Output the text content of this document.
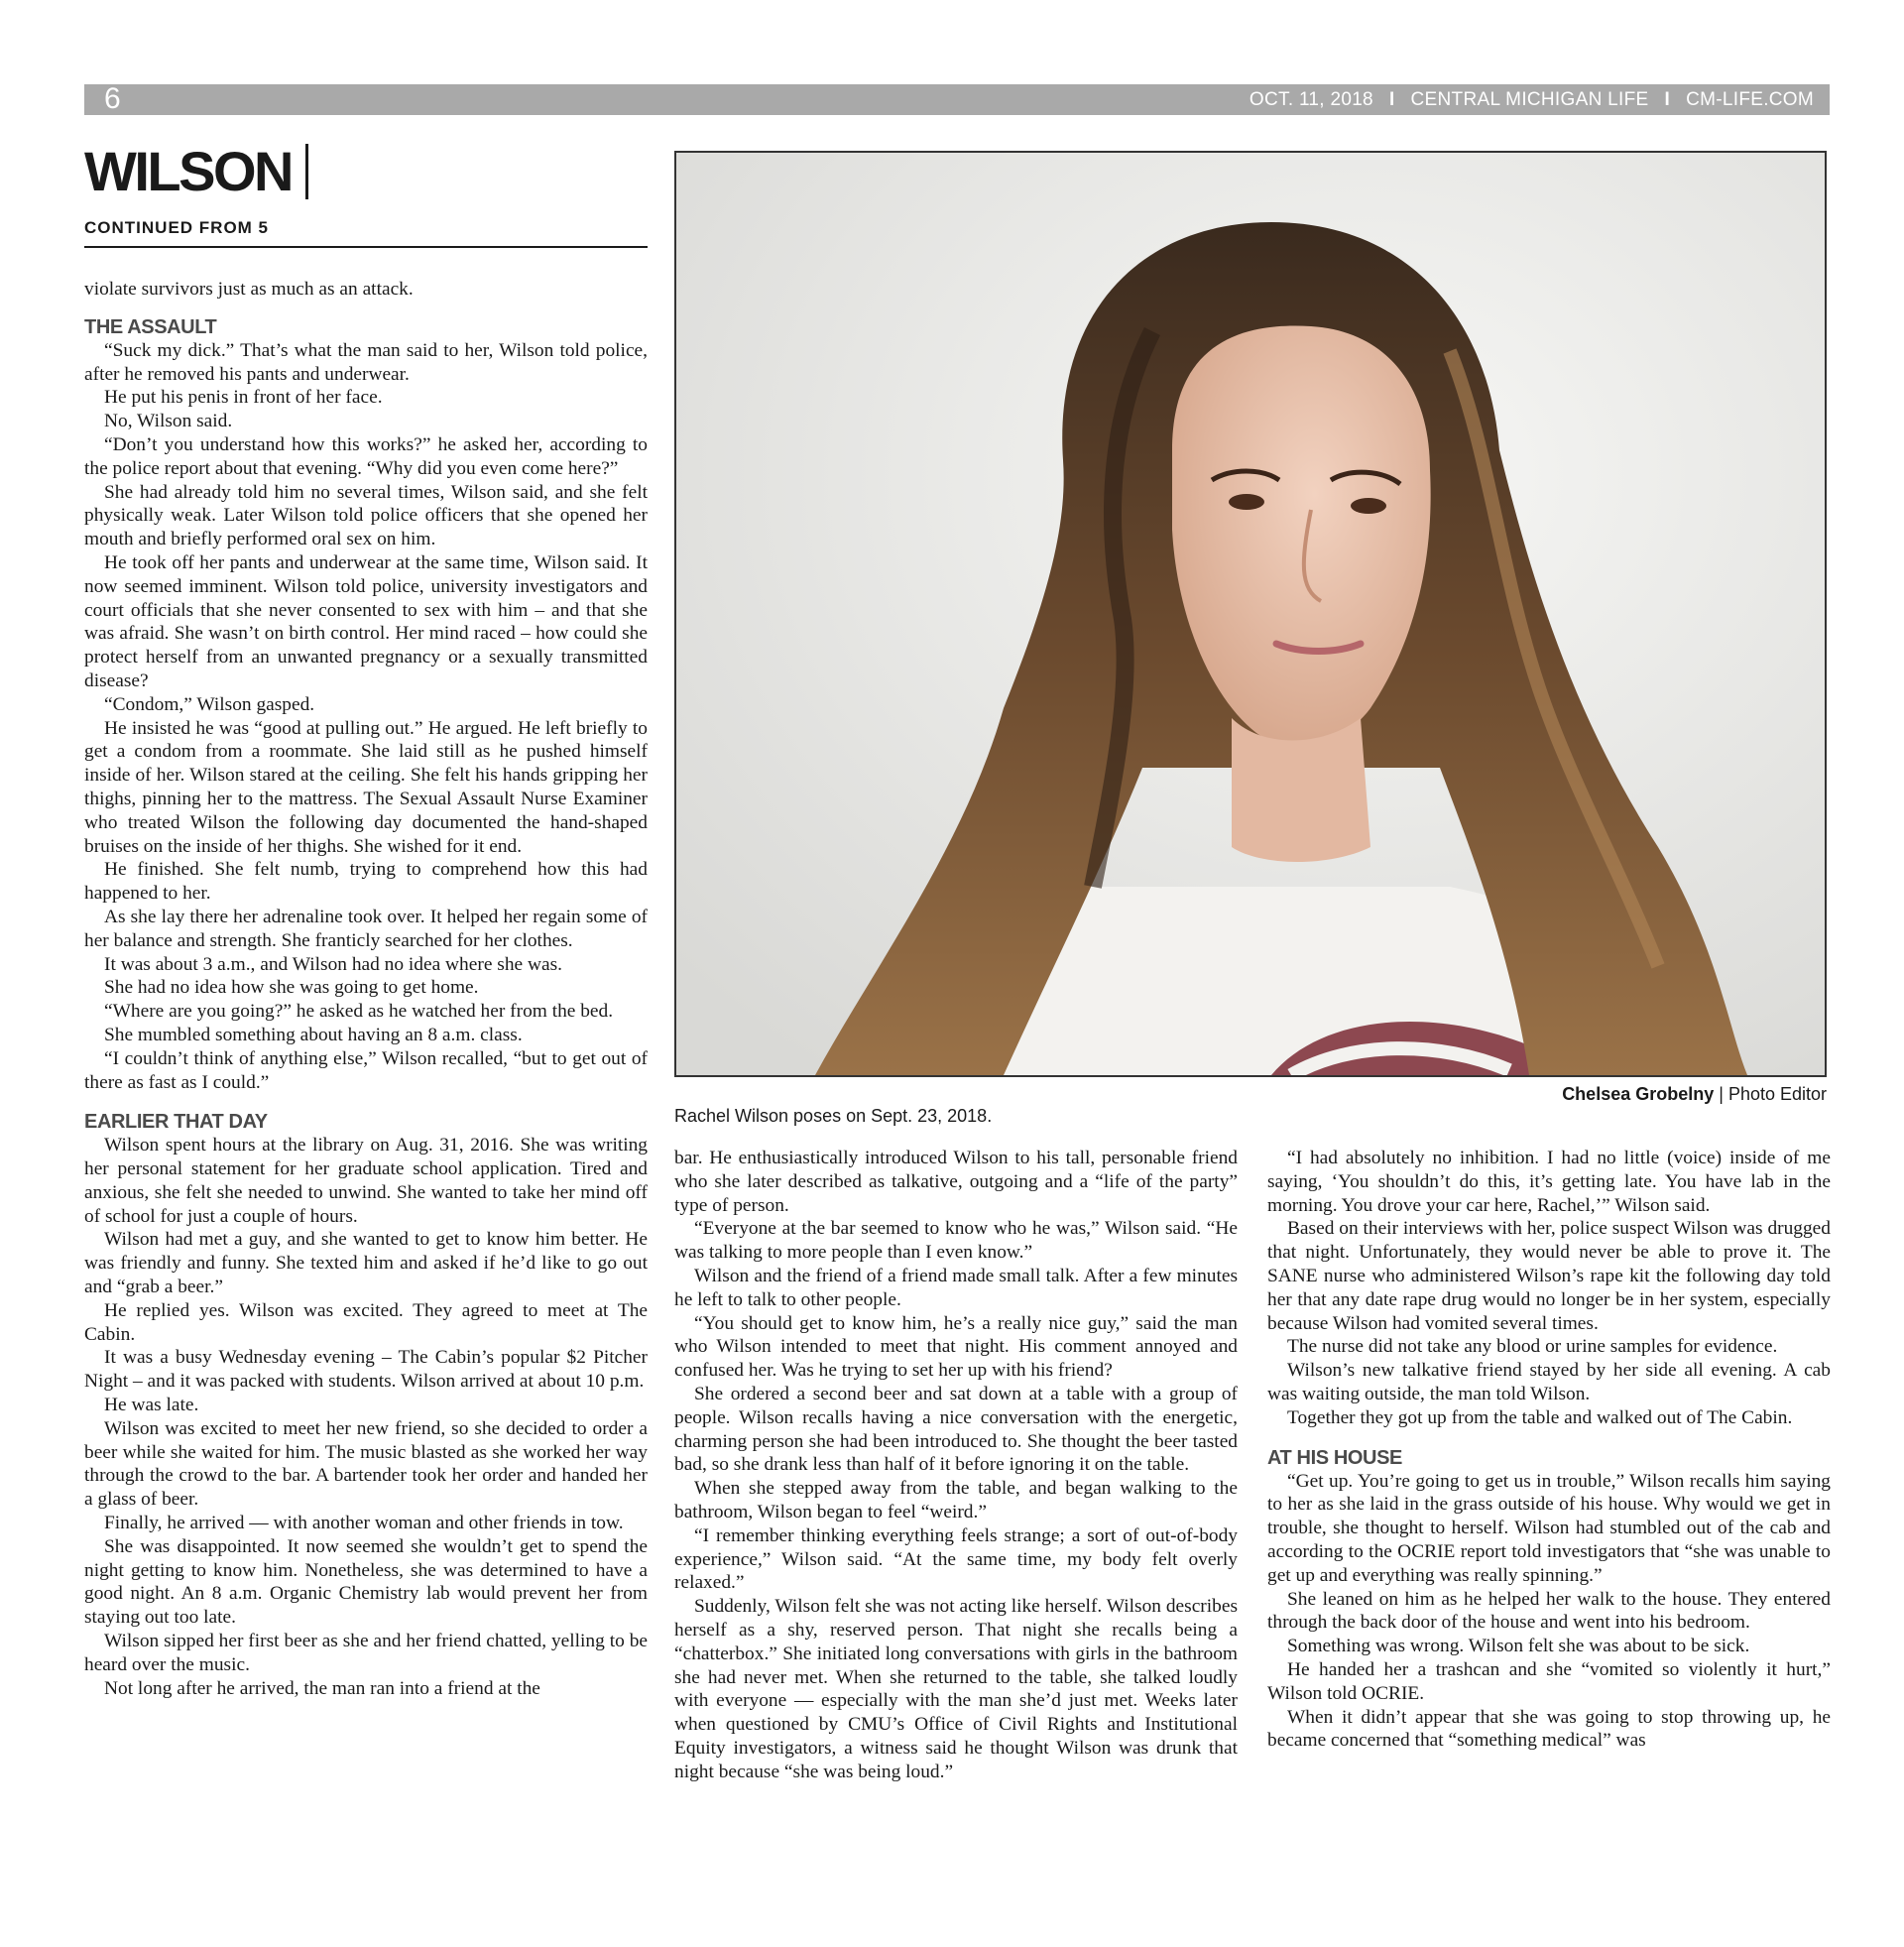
6	OCT. 11, 2018 I CENTRAL MICHIGAN LIFE I CM-LIFE.COM
WILSON
CONTINUED FROM 5

violate survivors just as much as an attack.

THE ASSAULT

“Suck my dick.” That’s what the man said to her, Wilson told police, after he removed his pants and underwear.

He put his penis in front of her face.

No, Wilson said.

“Don’t you understand how this works?” he asked her, according to the police report about that evening. “Why did you even come here?”

She had already told him no several times, Wilson said, and she felt physically weak. Later Wilson told police officers that she opened her mouth and briefly performed oral sex on him.

He took off her pants and underwear at the same time, Wilson said. It now seemed imminent. Wilson told police, university investigators and court officials that she never consented to sex with him – and that she was afraid. She wasn’t on birth control. Her mind raced – how could she protect herself from an unwanted pregnancy or a sexually transmitted disease?

“Condom,” Wilson gasped.

He insisted he was “good at pulling out.” He argued. He left briefly to get a condom from a roommate. She laid still as he pushed himself inside of her. Wilson stared at the ceiling. She felt his hands gripping her thighs, pinning her to the mattress. The Sexual Assault Nurse Examiner who treated Wilson the following day documented the hand-shaped bruises on the inside of her thighs. She wished for it end.

He finished. She felt numb, trying to comprehend how this had happened to her.

As she lay there her adrenaline took over. It helped her regain some of her balance and strength. She franticly searched for her clothes.

It was about 3 a.m., and Wilson had no idea where she was.

She had no idea how she was going to get home.

“Where are you going?” he asked as he watched her from the bed.

She mumbled something about having an 8 a.m. class.

“I couldn’t think of anything else,” Wilson recalled, “but to get out of there as fast as I could.”

EARLIER THAT DAY

Wilson spent hours at the library on Aug. 31, 2016. She was writing her personal statement for her graduate school application. Tired and anxious, she felt she needed to unwind. She wanted to take her mind off of school for just a couple of hours.

Wilson had met a guy, and she wanted to get to know him better. He was friendly and funny. She texted him and asked if he’d like to go out and “grab a beer.”

He replied yes. Wilson was excited. They agreed to meet at The Cabin.

It was a busy Wednesday evening – The Cabin’s popular $2 Pitcher Night – and it was packed with students. Wilson arrived at about 10 p.m.

He was late.

Wilson was excited to meet her new friend, so she decided to order a beer while she waited for him. The music blasted as she worked her way through the crowd to the bar. A bartender took her order and handed her a glass of beer.

Finally, he arrived — with another woman and other friends in tow.

She was disappointed. It now seemed she wouldn’t get to spend the night getting to know him. Nonetheless, she was determined to have a good night. An 8 a.m. Organic Chemistry lab would prevent her from staying out too late.

Wilson sipped her first beer as she and her friend chatted, yelling to be heard over the music.

Not long after he arrived, the man ran into a friend at the

Chelsea Grobelny | Photo Editor
Rachel Wilson poses on Sept. 23, 2018.

bar. He enthusiastically introduced Wilson to his tall, personable friend who she later described as talkative, outgoing and a “life of the party” type of person.

“Everyone at the bar seemed to know who he was,” Wilson said. “He was talking to more people than I even know.”

Wilson and the friend of a friend made small talk. After a few minutes he left to talk to other people.

“You should get to know him, he’s a really nice guy,” said the man who Wilson intended to meet that night. His comment annoyed and confused her. Was he trying to set her up with his friend?

She ordered a second beer and sat down at a table with a group of people. Wilson recalls having a nice conversation with the energetic, charming person she had been introduced to. She thought the beer tasted bad, so she drank less than half of it before ignoring it on the table.

When she stepped away from the table, and began walking to the bathroom, Wilson began to feel “weird.”

“I remember thinking everything feels strange; a sort of out-of-body experience,” Wilson said. “At the same time, my body felt overly relaxed.”

Suddenly, Wilson felt she was not acting like herself. Wilson describes herself as a shy, reserved person. That night she recalls being a “chatterbox.” She initiated long conversations with girls in the bathroom she had never met. When she returned to the table, she talked loudly with everyone — especially with the man she’d just met. Weeks later when questioned by CMU’s Office of Civil Rights and Institutional Equity investigators, a witness said he thought Wilson was drunk that night because “she was being loud.”

“I had absolutely no inhibition. I had no little (voice) inside of me saying, ‘You shouldn’t do this, it’s getting late. You have lab in the morning. You drove your car here, Rachel,’” Wilson said.

Based on their interviews with her, police suspect Wilson was drugged that night. Unfortunately, they would never be able to prove it. The SANE nurse who administered Wilson’s rape kit the following day told her that any date rape drug would no longer be in her system, especially because Wilson had vomited several times.

The nurse did not take any blood or urine samples for evidence.

Wilson’s new talkative friend stayed by her side all evening. A cab was waiting outside, the man told Wilson.

Together they got up from the table and walked out of The Cabin.

AT HIS HOUSE

“Get up. You’re going to get us in trouble,” Wilson recalls him saying to her as she laid in the grass outside of his house. Why would we get in trouble, she thought to herself. Wilson had stumbled out of the cab and according to the OCRIE report told investigators that “she was unable to get up and everything was really spinning.”

She leaned on him as he helped her walk to the house. They entered through the back door of the house and went into his bedroom.

Something was wrong. Wilson felt she was about to be sick.

He handed her a trashcan and she “vomited so violently it hurt,” Wilson told OCRIE.

When it didn’t appear that she was going to stop throwing up, he became concerned that “something medical” was
